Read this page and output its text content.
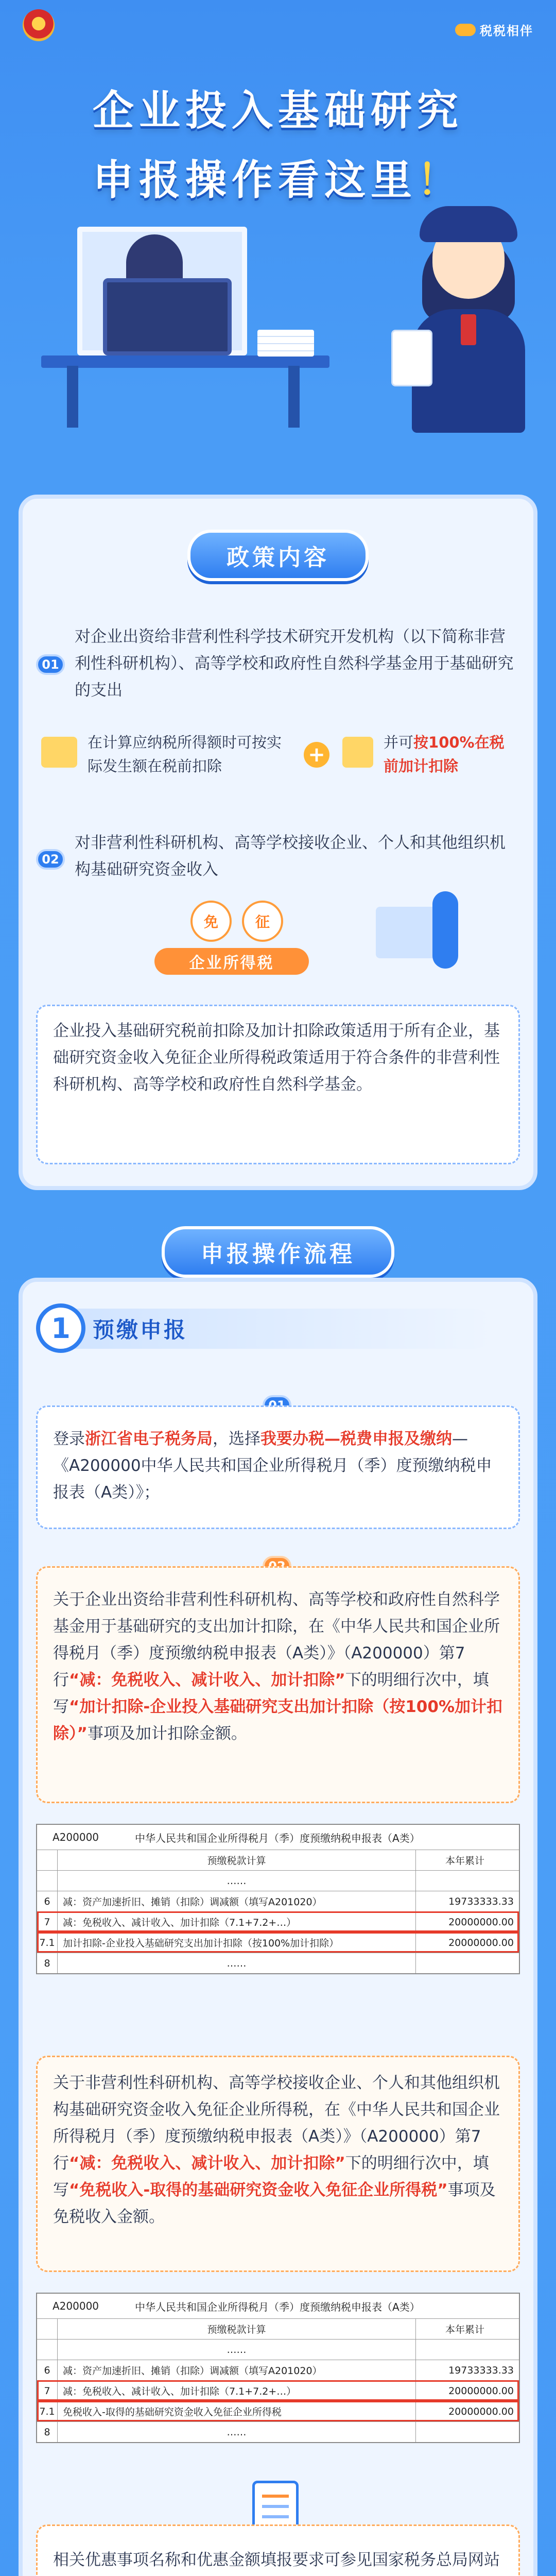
税税相伴
企业投入基础研究
申报操作看这里！
政策内容
01
对企业出资给非营利性科学技术研究开发机构（以下简称非营利性科研机构）、高等学校和政府性自然科学基金用于基础研究的支出
在计算应纳税所得额时可按实际发生额在税前扣除	+
并可按100%在税前加计扣除
02
对非营利性科研机构、高等学校接收企业、个人和其他组织机构基础研究资金收入
免	征
企业所得税
企业投入基础研究税前扣除及加计扣除政策适用于所有企业，基础研究资金收入免征企业所得税政策适用于符合条件的非营利性科研机构、高等学校和政府性自然科学基金。
申报操作流程
预缴申报
1
登录浙江省电子税务局，选择我要办税—税费申报及缴纳—《A200000中华人民共和国企业所得税月（季）度预缴纳税申报表（A类）》；
关于企业出资给非营利性科研机构、高等学校和政府性自然科学基金用于基础研究的支出加计扣除，在《中华人民共和国企业所得税月（季）度预缴纳税申报表（A类）》（A200000）第7行“减：免税收入、减计收入、加计扣除”下的明细行次中，填写“加计扣除-企业投入基础研究支出加计扣除（按100%加计扣除）”事项及加计扣除金额。
A200000	中华人民共和国企业所得税月（季）度预缴纳税申报表（A类）
预缴税款计算	本年累计
……
6	减：资产加速折旧、摊销（扣除）调减额（填写A201020）	19733333.33
7	减：免税收入、减计收入、加计扣除（7.1+7.2+…）	20000000.00
7.1 加计扣除-企业投入基础研究支出加计扣除（按100%加计扣除）	20000000.00
8	……
关于非营利性科研机构、高等学校接收企业、个人和其他组织机构基础研究资金收入免征企业所得税，在《中华人民共和国企业所得税月（季）度预缴纳税申报表（A类）》（A200000）第7行“减：免税收入、减计收入、加计扣除”下的明细行次中，填写“免税收入-取得的基础研究资金收入免征企业所得税”事项及免税收入金额。
A200000	中华人民共和国企业所得税月（季）度预缴纳税申报表（A类）
预缴税款计算	本年累计
……
6	减：资产加速折旧、摊销（扣除）调减额（填写A201020）	19733333.33
7	减：免税收入、减计收入、加计扣除（7.1+7.2+…）	20000000.00
7.1 免税收入-取得的基础研究资金收入免征企业所得税	20000000.00
8	……
相关优惠事项名称和优惠金额填报要求可参见国家税务总局网站
